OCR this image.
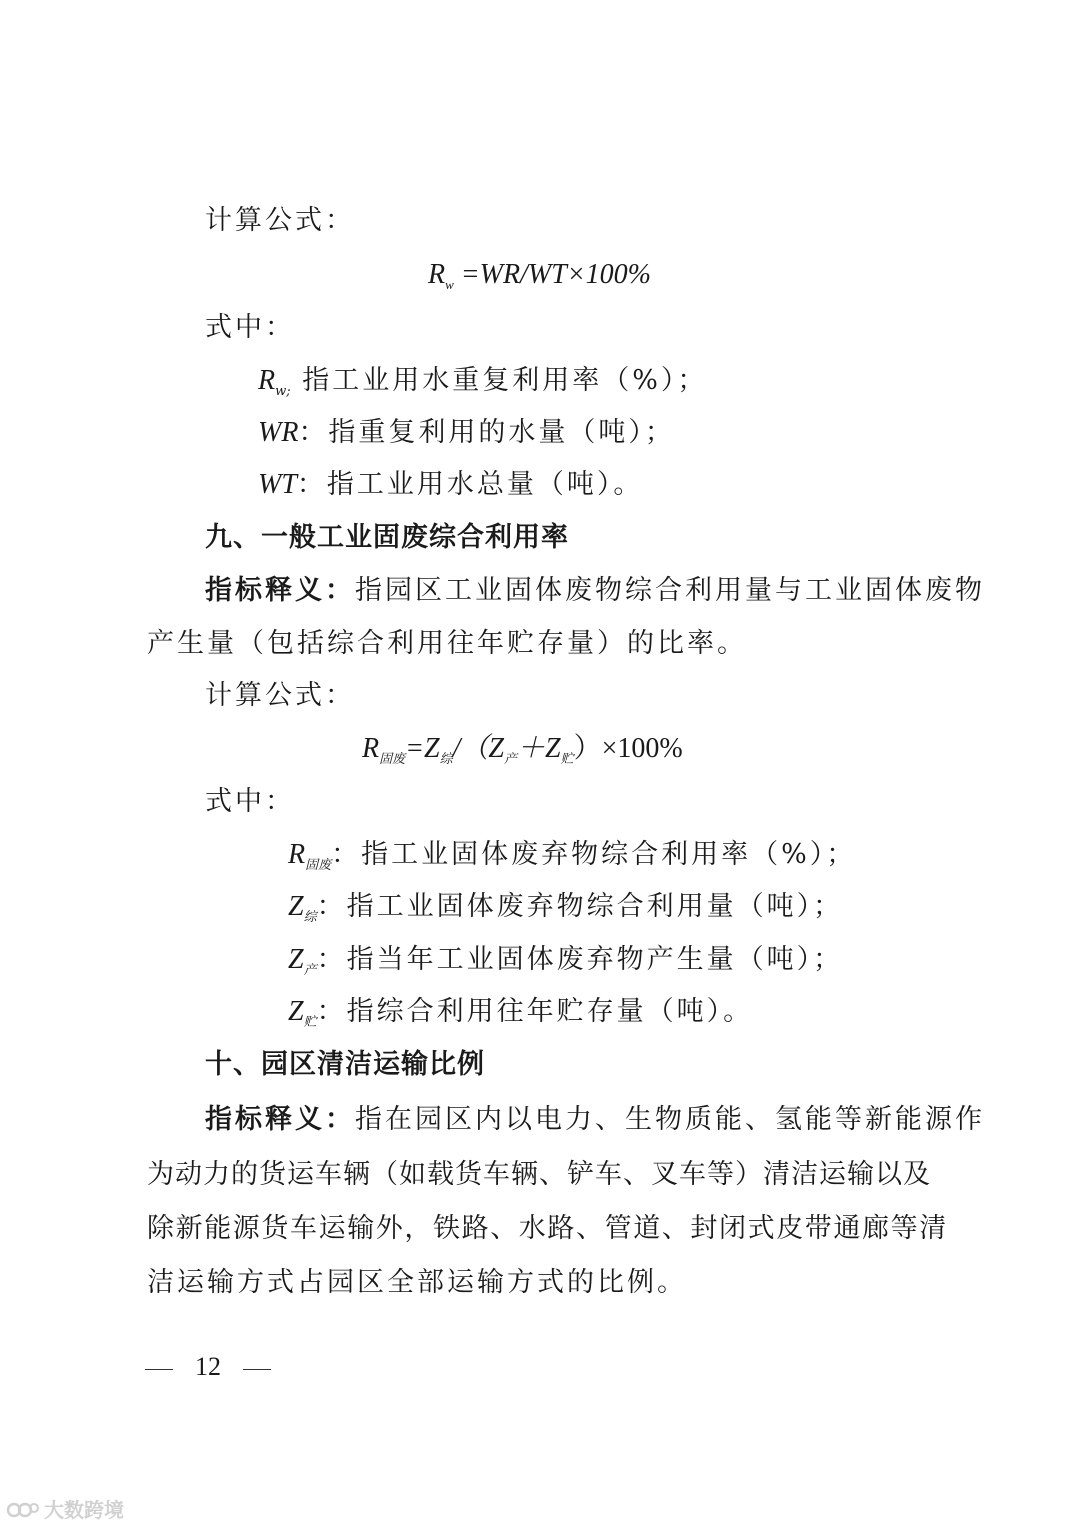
计算公式：
$R_w =WR/WT\times 100\%$
式中：
$R_{w;}$ 指工业用水重复利用率（%）；
WR：指重复利用的水量（吨）；
WT：指工业用水总量（吨）。
九、一般工业固废综合利用率
指标释义：指园区工业固体废物综合利用量与工业固体废物
产生量（包括综合利用往年贮存量）的比率。
计算公式：
$R_{固废}=Z_综/(Z_产+Z_贮)\times 100\%$
式中：
$R_{固废}$：指工业固体废弃物综合利用率（%）；
$Z_综$：指工业固体废弃物综合利用量（吨）；
$Z_产$：指当年工业固体废弃物产生量（吨）；
$Z_贮$：指综合利用往年贮存量（吨）。
十、园区清洁运输比例
指标释义：指在园区内以电力、生物质能、氢能等新能源作
为动力的货运车辆（如载货车辆、铲车、叉车等）清洁运输以及
除新能源货车运输外，铁路、水路、管道、封闭式皮带通廊等清
洁运输方式占园区全部运输方式的比例。
12
大数跨境
